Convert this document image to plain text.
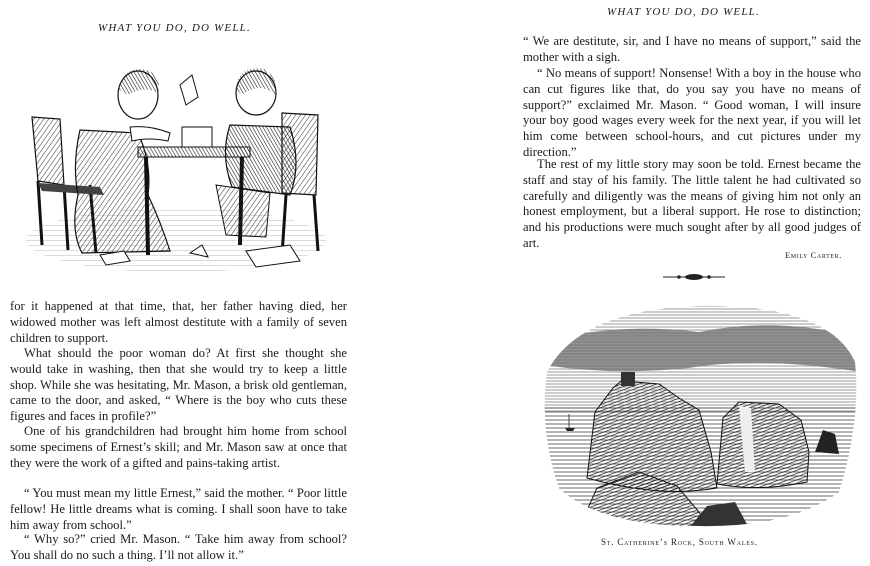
WHAT YOU DO, DO WELL.

for it happened at that time, that, her father having died, her widowed mother was left almost destitute with a family of seven children to support.

What should the poor woman do? At first she thought she would take in washing, then that she would try to keep a little shop. While she was hesitating, Mr. Mason, a brisk old gentleman, came to the door, and asked, “ Where is the boy who cuts these figures and faces in profile?”

One of his grandchildren had brought him home from school some specimens of Ernest’s skill; and Mr. Mason saw at once that they were the work of a gifted and pains-taking artist.

“ You must mean my little Ernest,” said the mother. “ Poor little fellow! He little dreams what is coming. I shall soon have to take him away from school.”

“ Why so?” cried Mr. Mason. “ Take him away from school? You shall do no such a thing. I’ll not allow it.”

WHAT YOU DO, DO WELL.

“ We are destitute, sir, and I have no means of support,” said the mother with a sigh.

“ No means of support! Nonsense! With a boy in the house who can cut figures like that, do you say you have no means of support?” exclaimed Mr. Mason. “ Good woman, I will insure your boy good wages every week for the next year, if you will let him come between school-hours, and cut pictures under my direction.”

The rest of my little story may soon be told. Ernest became the staff and stay of his family. The little talent he had cultivated so carefully and diligently was the means of giving him not only an honest employment, but a liberal support. He rose to distinction; and his productions were much sought after by all good judges of art.

Emily Carter.
St. Catherine’s Rock, South Wales.
